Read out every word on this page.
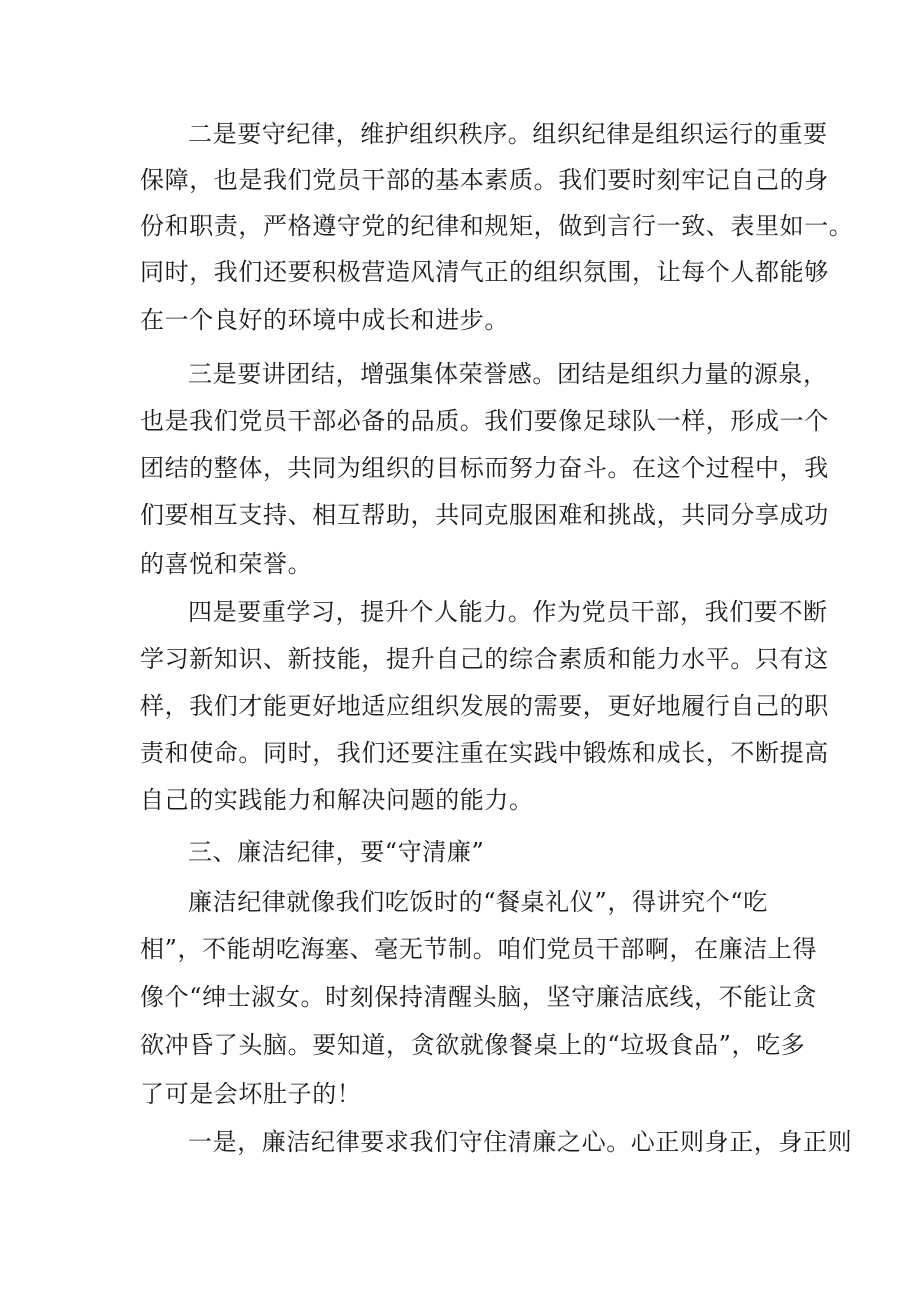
二是要守纪律，维护组织秩序。组织纪律是组织运行的重要
保障，也是我们党员干部的基本素质。我们要时刻牢记自己的身
份和职责，严格遵守党的纪律和规矩，做到言行一致、表里如一。
同时，我们还要积极营造风清气正的组织氛围，让每个人都能够
在一个良好的环境中成长和进步。
三是要讲团结，增强集体荣誉感。团结是组织力量的源泉，
也是我们党员干部必备的品质。我们要像足球队一样，形成一个
团结的整体，共同为组织的目标而努力奋斗。在这个过程中，我
们要相互支持、相互帮助，共同克服困难和挑战，共同分享成功
的喜悦和荣誉。
四是要重学习，提升个人能力。作为党员干部，我们要不断
学习新知识、新技能，提升自己的综合素质和能力水平。只有这
样，我们才能更好地适应组织发展的需要，更好地履行自己的职
责和使命。同时，我们还要注重在实践中锻炼和成长，不断提高
自己的实践能力和解决问题的能力。
三、廉洁纪律，要“守清廉”
廉洁纪律就像我们吃饭时的“餐桌礼仪”，得讲究个“吃
相”，不能胡吃海塞、毫无节制。咱们党员干部啊，在廉洁上得
像个“绅士淑女。时刻保持清醒头脑，坚守廉洁底线，不能让贪
欲冲昏了头脑。要知道，贪欲就像餐桌上的“垃圾食品”，吃多
了可是会坏肚子的！
一是，廉洁纪律要求我们守住清廉之心。心正则身正，身正则
